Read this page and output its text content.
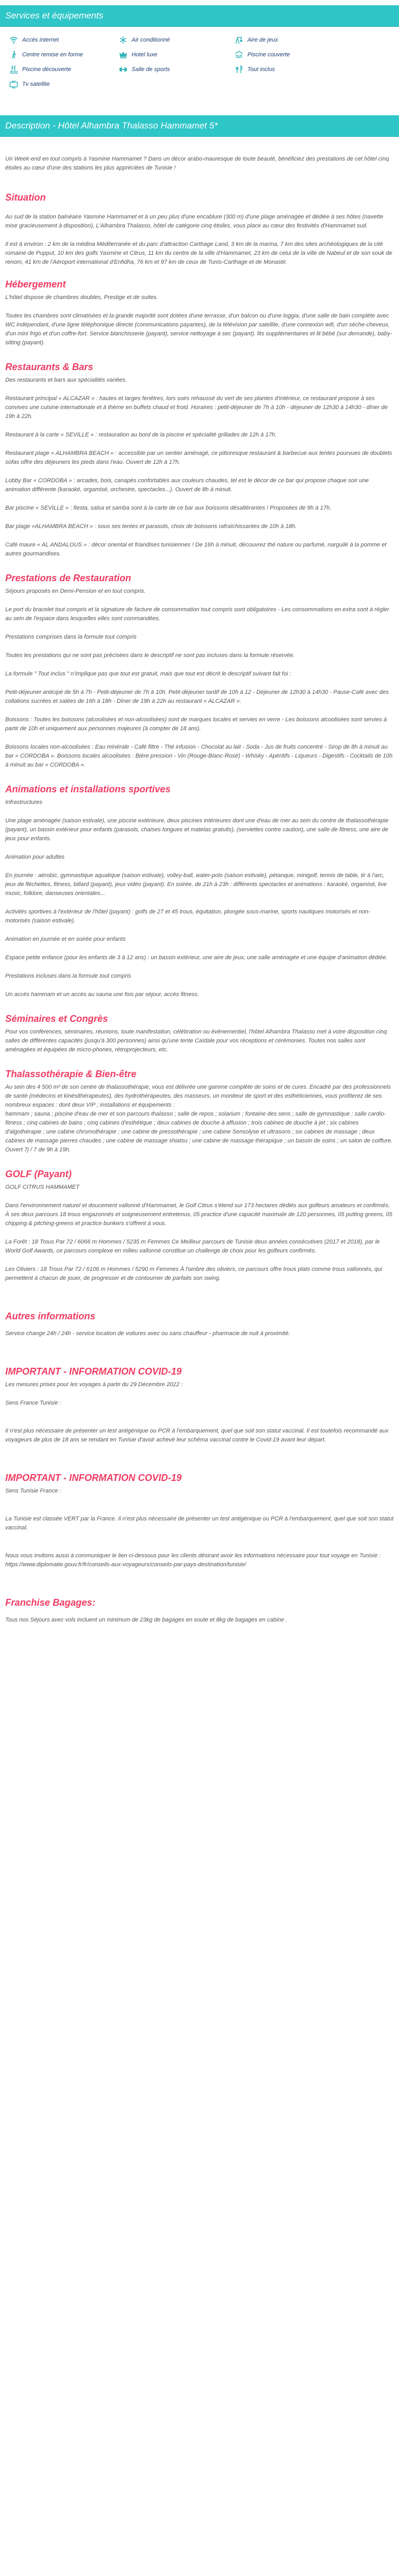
Services et équipements
Accès internet	Air conditionné	Aire de jeux
Centre remise en forme	Hotel luxe	Piscine couverte
Piscine découverte	Salle de sports	Tout inclus
Tv satellite
Description - Hôtel Alhambra Thalasso Hammamet 5*

Un Week-end en tout compris à Yasmine Hammamet ? Dans un décor arabo-mauresque de toute beauté, bénéficiez des prestations de cet hôtel cinq étoiles au cœur d'une des stations les plus appréciées de Tunisie !

Situation

Au sud de la station balnéaire Yasmine Hammamet et à un peu plus d'une encablure (300 m) d'une plage aménagée et dédiée à ses hôtes (navette mise gracieusement à disposition), L'Alhambra Thalasso, hôtel de catégorie cinq étoiles, vous place au cœur des festivités d'Hammamet sud.

Il est à environ : 2 km de la médina Méditerranée et du parc d'attraction Carthage Land, 3 km de la marina, 7 km des sites archéologiques de la cité romaine de Pupput, 10 km des golfs Yasmine et Citrus, 11 km du centre de la ville d'Hammamet, 23 km de celui de la ville de Nabeul et de son souk de renom, 41 km de l'Aéroport international d'Enfidha, 76 km et 97 km de ceux de Tunis-Carthage et de Monastir.

Hébergement

L'hôtel dispose de chambres doubles, Prestige et de suites.

Toutes les chambres sont climatisées et la grande majorité sont dotées d'une terrasse, d'un balcon ou d'une loggia, d'une salle de bain complète avec WC indépendant, d'une ligne téléphonique directe (communications payantes), de la télévision par satellite, d'une connexion wifi, d'un sèche-cheveux, d'un mini frigo et d'un coffre-fort. Service blanchisserie (payant), service nettoyage à sec (payant). lits supplémentaires et lit bébé (sur demande), baby-sitting (payant).

Restaurants & Bars

Des restaurants et bars aux spécialités variées.

Restaurant principal « ALCAZAR » : hautes et larges fenêtres, lors soirs rehaussé du vert de ses plantes d'intérieur, ce restaurant propose à ses convives une cuisine internationale et à thème en buffets chaud et froid. Horaires : petit-déjeuner de 7h à 10h - déjeuner de 12h30 à 14h30 - dîner de 19h à 22h.

Restaurant à la carte « SEVILLE » : restauration au bord de la piscine et spécialité grillades de 12h à 17h.

Restaurant plage « ALHAMBRA BEACH » : accessible par un sentier aménagé, ce pittoresque restaurant & barbecue aux tentes pourvues de doublets sofas offre des déjeuners les pieds dans l'eau. Ouvert de 12h à 17h.

Lobby Bar « CORDOBA » : arcades, bois, canapés confortables aux couleurs chaudes, tel est le décor de ce bar qui propose chaque soir une animation différente (karaoké, orgamisé, orchestre, spectacles...). Ouvert de 8h à minuit.

Bar piscine « SEVILLE » : fiesta, salsa et samba sont à la carte de ce bar aux boissons désaltérantes ! Proposées de 9h à 17h.

Bar plage «ALHAMBRA BEACH » : sous ses tentes et parasols, choix de boissons rafraîchissantes de 10h à 18h.

Café maure « AL ANDALOUS » : décor oriental et friandises tunisiennes ! De 16h à minuit, découvrez thé nature ou parfumé, narguilé à la pomme et autres gourmandises.

Prestations de Restauration

Séjours proposés en Demi-Pension et en tout compris.

Le port du bracelet tout compris et la signature de facture de consommation tout compris sont obligatoires - Les consommations en extra sont à régler au sein de l'espace dans lesquelles elles sont commandées.

Prestations comprises dans la formule tout compris

Toutes les prestations qui ne sont pas précisées dans le descriptif ne sont pas incluses dans la formule réservée.

La formule " Tout inclus " n'implique pas que tout est gratuit, mais que tout est décrit le descriptif suivant fait foi :

Petit-déjeuner anticipé de 5h à 7h - Petit-déjeuner de 7h à 10h. Petit-déjeuner tardif de 10h à 12 - Déjeuner de 12h30 à 14h30 - Pause-Café avec des collations sucrées et salées de 16h à 18h - Dîner de 19h à 22h au restaurant « ALCAZAR ».

Boissons : Toutes les boissons (alcoolisées et non-alcoolisées) sont de marques locales et servies en verre - Les boissons alcoolisées sont servies à partir de 10h et uniquement aux personnes majeures (à compter de 18 ans).

Boissons locales non-alcoolisées : Eau minérale - Café filtre - Thé infusion - Chocolat au lait - Soda - Jus de fruits concentré - Sirop de 8h à minuit au bar « CORDOBA ». Boissons locales alcoolisées : Bière pression - Vin (Rouge-Blanc-Rosé) - Whisky - Apéritifs - Liqueurs - Digestifs - Cocktails de 10h à minuit au bar « CORDOBA ».

Animations et installations sportives

Infrastructures

Une plage aménagée (saison estivale), une piscine extérieure, deux piscines intérieures dont une d'eau de mer au sein du centre de thalassothérapie (payant), un bassin extérieur pour enfants (parasols, chaises longues et matelas gratuits), (serviettes contre caution), une salle de fitness, une aire de jeux pour enfants.

Animation pour adultes

En journée : aérobic, gymnastique aquatique (saison estivale), volley-ball, water-polo (saison estivale), pétanque, minigolf, tennis de table, tir à l'arc, jeux de fléchettes, fitness, billard (payant), jeux vidéo (payant). En soirée, de 21h à 23h : différents spectacles et animations : karaoké, orgamisé, live music, folklore, danseuses orientales...

Activités sportives à l'extérieur de l'hôtel (payant) : golfs de 27 et 45 trous, équitation, plongée sous-marine, sports nautiques motorisés et non-motorisés (saison estivale).

Animation en journée et en soirée pour enfants

Espace petite enfance (pour les enfants de 3 à 12 ans) : un bassin extérieur, une aire de jeux, une salle aménagée et une équipe d'animation dédiée.

Prestations incluses dans la formule tout compris

Un accès hammam et un accès au sauna une fois par séjour, accès fitness.

Séminaires et Congrès

Pour vos conférences, séminaires, réunions, toute manifestation, célébration ou évènementiel, l'hôtel Alhambra Thalasso met à votre disposition cinq salles de différentes capacités (jusqu'à 300 personnes) ainsi qu'une tente Caïdale pour vos réceptions et cérémonies. Toutes nos salles sont aménagées et équipées de micro-phones, rétroprojecteurs, etc.

Thalassothérapie & Bien-être

Au sein des 4 500 m² de son centre de thalassothérapie, vous est délivrée une gamme complète de soins et de cures. Encadré par des professionnels de santé (médecins et kinésithérapeutes), des hydrothérapeutes, des masseurs, un moniteur de sport et des esthéticiennes, vous profiterez de ses nombreux espaces : dont deux VIP ; installations et équipements :

hammam ; sauna ; piscine d'eau de mer et son parcours thalasso ; salle de repos ; solarium ; fontaine des sens ; salle de gymnastique ; salle cardio-fitness ; cinq cabines de bains ; cinq cabines d'esthétique ; deux cabines de douche à affusion ; trois cabines de douche à jet ; six cabines d'algothérapie ; une cabine chromothérapie ; une cabine de pressothérapie ; une cabine Sensolyse et ultrasons ; six cabines de massage ; deux cabines de massage pierres chaudes ; une cabine de massage shiatsu ; une cabine de massage thérapique ; un bassin de soins ; un salon de coiffure. Ouvert 7j / 7 de 9h à 19h.

GOLF (Payant)

GOLF CITRUS HAMMAMET

Dans l'environnement naturel et doucement vallonné d'Hammamet, le Golf Citrus s'étend sur 173 hectares dédiés aux golfeurs amateurs et confirmés. À ses deux parcours 18 trous engazonnés et soigneusement entretenus, 05 practice d'une capacité maximale de 120 personnes, 05 putting greens, 05 chipping & pitching-greens et practice bunkers s'offrent à vous.

La Forêt : 18 Trous Par 72 / 6066 m Hommes / 5235 m Femmes Ce Meilleur parcours de Tunisie deux années consécutives (2017 et 2018), par le World Golf Awards, ce parcours complexe en milieu vallonné constitue un challenge de choix pour les golfeurs confirmés.

Les Oliviers : 18 Trous Par 72 / 6106 m Hommes / 5290 m Femmes À l'ombre des oliviers, ce parcours offre trous plats comme trous vallonnés, qui permettent à chacun de jouer, de progresser et de contourner de parfaits son swing.

Autres informations

Service change 24h / 24h - service location de voitures avec ou sans chauffeur - pharmacie de nuit à proximité.

IMPORTANT - INFORMATION COVID-19

Les mesures prises pour les voyages à partir du 29 Décembre 2022 :

Sens France Tunisie :

Il n'est plus nécessaire de présenter un test antigénique ou PCR à l'embarquement, quel que soit son statut vaccinal. Il est toutefois recommandé aux voyageurs de plus de 18 ans se rendant en Tunisie d'avoir achevé leur schéma vaccinal contre le Covid-19 avant leur départ.

IMPORTANT - INFORMATION COVID-19

Sens Tunisie France :

La Tunisie est classée VERT par la France. Il n'est plus nécessaire de présenter un test antigénique ou PCR à l'embarquement, quel que soit son statut vaccinal.

Nous vous invitons aussi à communiquer le lien ci-dessous pour les clients désirant avoir les informations nécessaire pour tout voyage en Tunisie : https://www.diplomatie.gouv.fr/fr/conseils-aux-voyageurs/conseils-par-pays-destination/tunisie/

Franchise Bagages:

Tous nos Séjours avec vols incluent un minimum de 23kg de bagages en soute et 8kg de bagages en cabine .
